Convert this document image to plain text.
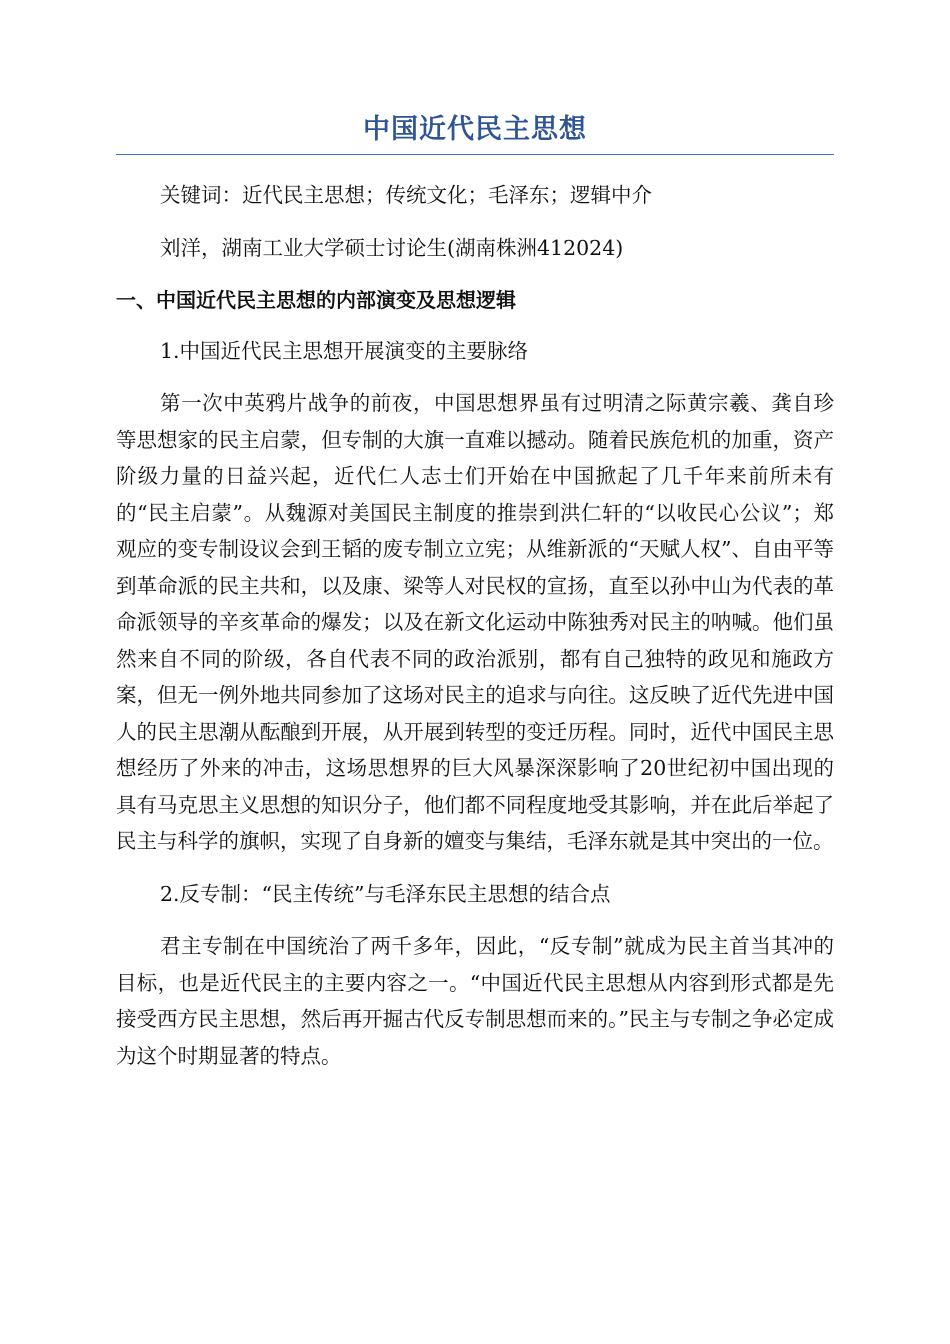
中国近代民主思想

关键词：近代民主思想；传统文化；毛泽东；逻辑中介

刘洋，湖南工业大学硕士讨论生(湖南株洲412024)

一、中国近代民主思想的内部演变及思想逻辑

1.中国近代民主思想开展演变的主要脉络

第一次中英鸦片战争的前夜，中国思想界虽有过明清之际黄宗羲、龚自珍等思想家的民主启蒙，但专制的大旗一直难以撼动。随着民族危机的加重，资产阶级力量的日益兴起，近代仁人志士们开始在中国掀起了几千年来前所未有的“民主启蒙”。从魏源对美国民主制度的推崇到洪仁轩的“以收民心公议”；郑观应的变专制设议会到王韬的废专制立立宪；从维新派的“天赋人权”、自由平等到革命派的民主共和，以及康、梁等人对民权的宣扬，直至以孙中山为代表的革命派领导的辛亥革命的爆发；以及在新文化运动中陈独秀对民主的呐喊。他们虽然来自不同的阶级，各自代表不同的政治派别，都有自己独特的政见和施政方案，但无一例外地共同参加了这场对民主的追求与向往。这反映了近代先进中国人的民主思潮从酝酿到开展，从开展到转型的变迁历程。同时，近代中国民主思想经历了外来的冲击，这场思想界的巨大风暴深深影响了20世纪初中国出现的具有马克思主义思想的知识分子，他们都不同程度地受其影响，并在此后举起了民主与科学的旗帜，实现了自身新的嬗变与集结，毛泽东就是其中突出的一位。

2.反专制：“民主传统”与毛泽东民主思想的结合点

君主专制在中国统治了两千多年，因此，“反专制”就成为民主首当其冲的目标，也是近代民主的主要内容之一。“中国近代民主思想从内容到形式都是先接受西方民主思想，然后再开掘古代反专制思想而来的。”民主与专制之争必定成为这个时期显著的特点。
